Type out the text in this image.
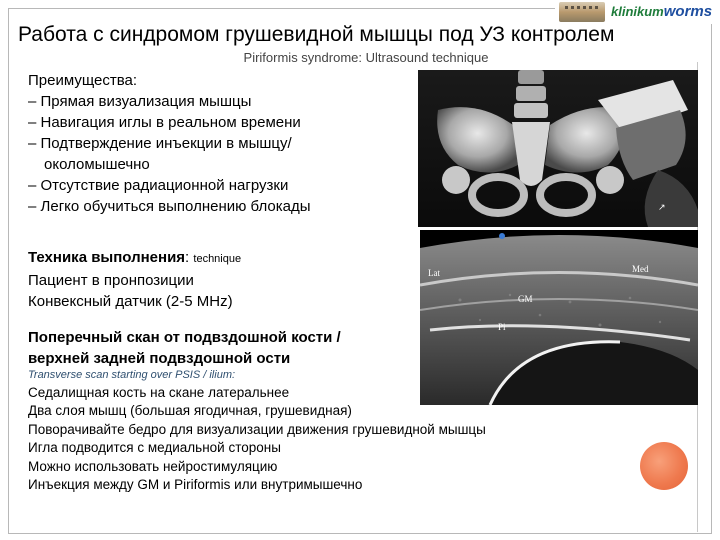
klinikumworms
Работа с синдромом грушевидной мышцы под УЗ контролем
Piriformis syndrome: Ultrasound technique

Преимущества:

– Прямая визуализация мышцы

– Навигация иглы в реальном времени

– Подтверждение инъекции в мышцу/

околомышечно

– Отсутствие радиационной нагрузки

– Легко обучиться выполнению блокады

Техника выполнения: technique

Пациент в пронпозиции

Конвексный датчик (2-5 MHz)

Поперечный скан от подвздошной кости /

верхней задней подвздошной ости

Transverse scan starting over PSIS / ilium:

Седалищная кость на скане латеральнее

Два слоя мышц (большая ягодичная, грушевидная)

Поворачивайте бедро для визуализации движения грушевидной мышцы

Игла подводится с медиальной стороны

Можно использовать нейростимуляцию

Инъекция между GM и Piriformis или внутримышечно

↗
Lat	Med
GM
Pi
